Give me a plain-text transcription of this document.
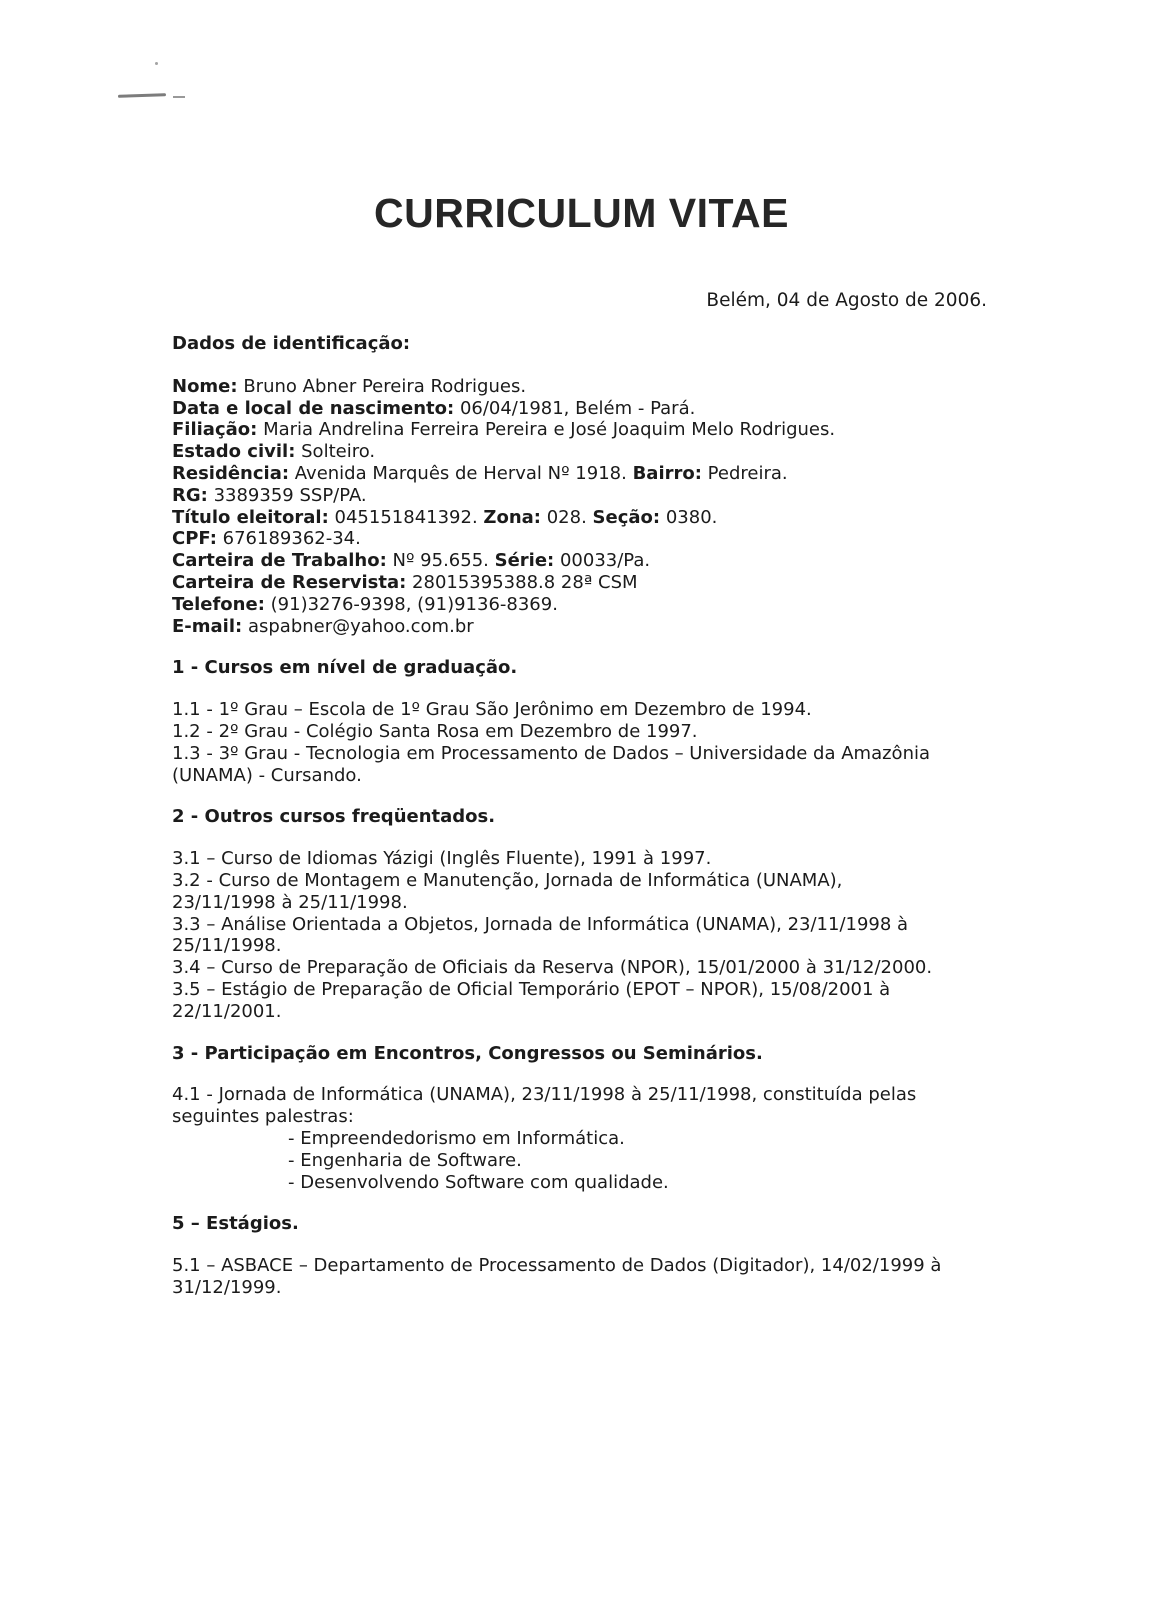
CURRICULUM VITAE
Belém, 04 de Agosto de 2006.

Dados de identificação:

Nome: Bruno Abner Pereira Rodrigues.

Data e local de nascimento: 06/04/1981, Belém - Pará.

Filiação: Maria Andrelina Ferreira Pereira e José Joaquim Melo Rodrigues.

Estado civil: Solteiro.

Residência: Avenida Marquês de Herval Nº 1918. Bairro: Pedreira.

RG: 3389359 SSP/PA.

Título eleitoral: 045151841392. Zona: 028. Seção: 0380.

CPF: 676189362-34.

Carteira de Trabalho: Nº 95.655. Série: 00033/Pa.

Carteira de Reservista: 28015395388.8 28ª CSM

Telefone: (91)3276-9398, (91)9136-8369.

E-mail: aspabner@yahoo.com.br

1 - Cursos em nível de graduação.

1.1 - 1º Grau – Escola de 1º Grau São Jerônimo em Dezembro de 1994.

1.2 - 2º Grau - Colégio Santa Rosa em Dezembro de 1997.

1.3 - 3º Grau - Tecnologia em Processamento de Dados – Universidade da Amazônia

(UNAMA) - Cursando.

2 - Outros cursos freqüentados.

3.1 – Curso de Idiomas Yázigi (Inglês Fluente), 1991 à 1997.

3.2 - Curso de Montagem e Manutenção, Jornada de Informática (UNAMA),

23/11/1998 à 25/11/1998.

3.3 – Análise Orientada a Objetos, Jornada de Informática (UNAMA), 23/11/1998 à

25/11/1998.

3.4 – Curso de Preparação de Oficiais da Reserva (NPOR), 15/01/2000 à 31/12/2000.

3.5 – Estágio de Preparação de Oficial Temporário (EPOT – NPOR), 15/08/2001 à

22/11/2001.

3 - Participação em Encontros, Congressos ou Seminários.

4.1 - Jornada de Informática (UNAMA), 23/11/1998 à 25/11/1998, constituída pelas

seguintes palestras:

- Empreendedorismo em Informática.

- Engenharia de Software.

- Desenvolvendo Software com qualidade.

5 – Estágios.

5.1 – ASBACE – Departamento de Processamento de Dados (Digitador), 14/02/1999 à

31/12/1999.
